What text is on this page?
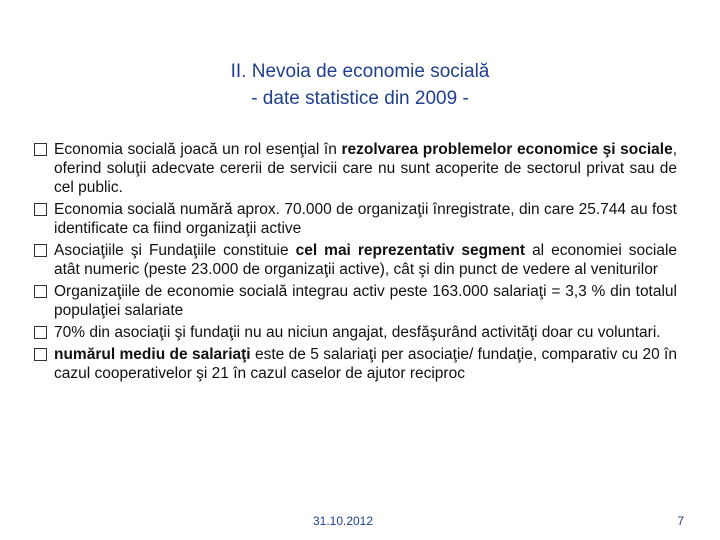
II. Nevoia de economie socială
- date statistice din 2009 -
Economia socială joacă un rol esenţial în rezolvarea problemelor economice şi sociale, oferind soluţii adecvate cererii de servicii care nu sunt acoperite de sectorul privat sau de cel public.
Economia socială numără aprox. 70.000 de organizaţii înregistrate, din care 25.744 au fost identificate ca fiind organizaţii active
Asociaţiile şi Fundaţiile constituie cel mai reprezentativ segment al economiei sociale atât numeric (peste 23.000 de organizaţii active), cât şi din punct de vedere al veniturilor
Organizaţiile de economie socială integrau activ peste 163.000 salariaţi = 3,3 % din totalul populaţiei salariate
70% din asociaţii şi fundaţii nu au niciun angajat, desfăşurând activităţi doar cu voluntari.
numărul mediu de salariaţi este de 5 salariaţi per asociaţie/ fundaţie, comparativ cu 20 în cazul cooperativelor şi 21 în cazul caselor de ajutor reciproc
31.10.2012	7
